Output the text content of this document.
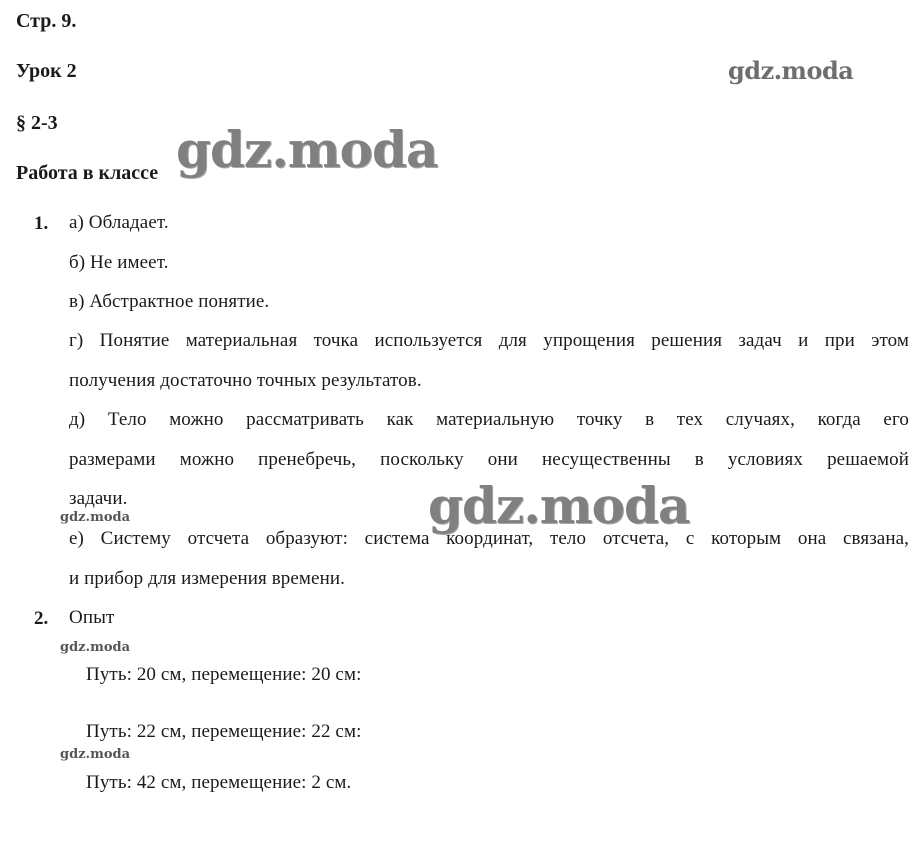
Стр. 9.
Урок 2
§ 2-3
Работа в классе
gdz.moda
gdz.moda
gdz.moda
gdz.moda
gdz.moda
gdz.moda
1. а) Обладает.
б) Не имеет.
в) Абстрактное понятие.
г) Понятие материальная точка используется для упрощения решения задач и при этом
получения достаточно точных результатов.
д) Тело можно рассматривать как материальную точку в тех случаях, когда его
размерами можно пренебречь, поскольку они несущественны в условиях решаемой
задачи.
е) Систему отсчета образуют: система координат, тело отсчета, с которым она связана,
и прибор для измерения времени.
2. Опыт
Путь: 20 см, перемещение: 20 см:
Путь: 22 см, перемещение: 22 см:
Путь: 42 см, перемещение: 2 см.
